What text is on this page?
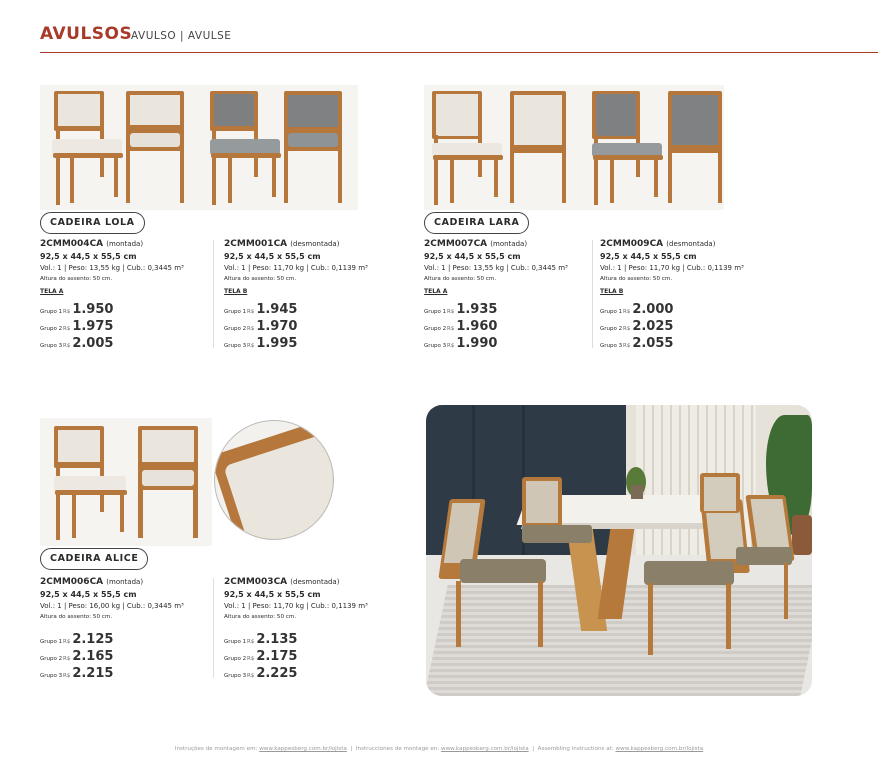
AVULSOS
AVULSO | AVULSE
CADEIRA LOLA
2CMM004CA (montada)
92,5 x 44,5 x 55,5 cm
Vol.: 1 | Peso: 13,55 kg | Cub.: 0,3445 m³
Altura do assento: 50 cm.
TELA A
Grupo 1R$ 1.950
Grupo 2R$ 1.975
Grupo 3R$ 2.005
2CMM001CA (desmontada)
92,5 x 44,5 x 55,5 cm
Vol.: 1 | Peso: 11,70 kg | Cub.: 0,1139 m³
Altura do assento: 50 cm.
TELA B
Grupo 1R$ 1.945
Grupo 2R$ 1.970
Grupo 3R$ 1.995
CADEIRA LARA
2CMM007CA (montada)
92,5 x 44,5 x 55,5 cm
Vol.: 1 | Peso: 13,55 kg | Cub.: 0,3445 m³
Altura do assento: 50 cm.
TELA A
Grupo 1R$ 1.935
Grupo 2R$ 1.960
Grupo 3R$ 1.990
2CMM009CA (desmontada)
92,5 x 44,5 x 55,5 cm
Vol.: 1 | Peso: 11,70 kg | Cub.: 0,1139 m³
Altura do assento: 50 cm.
TELA B
Grupo 1R$ 2.000
Grupo 2R$ 2.025
Grupo 3R$ 2.055
CADEIRA ALICE
2CMM006CA (montada)
92,5 x 44,5 x 55,5 cm
Vol.: 1 | Peso: 16,00 kg | Cub.: 0,3445 m³
Altura do assento: 50 cm.
Grupo 1R$ 2.125
Grupo 2R$ 2.165
Grupo 3R$ 2.215
2CMM003CA (desmontada)
92,5 x 44,5 x 55,5 cm
Vol.: 1 | Peso: 11,70 kg | Cub.: 0,1139 m³
Altura do assento: 50 cm.
Grupo 1R$ 2.135
Grupo 2R$ 2.175
Grupo 3R$ 2.225
Instruções de montagem em: www.kappesberg.com.br/lojista  |  Instrucciones de montage en: www.kappesberg.com.br/lojista  |  Assembling instructions at: www.kappesberg.com.br/lojista
